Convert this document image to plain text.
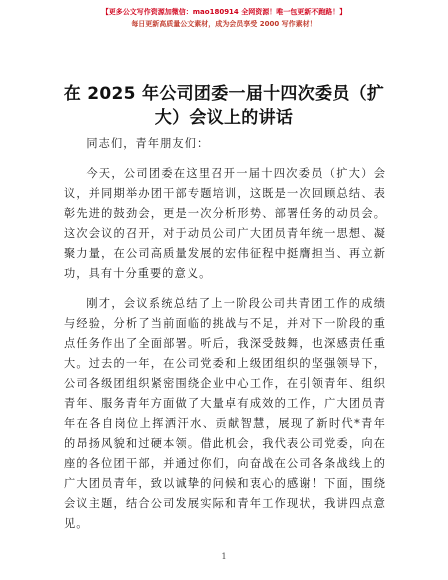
【更多公文写作资源加微信：mao180914 全网资源！唯一包更新不跑路！】
每日更新高质量公文素材，成为会员享受 2000 写作素材！
在 2025 年公司团委一届十四次委员（扩大）会议上的讲话

同志们，青年朋友们：

今天，公司团委在这里召开一届十四次委员（扩大）会议，并同期举办团干部专题培训，这既是一次回顾总结、表彰先进的鼓劲会，更是一次分析形势、部署任务的动员会。这次会议的召开，对于动员公司广大团员青年统一思想、凝聚力量，在公司高质量发展的宏伟征程中挺膺担当、再立新功，具有十分重要的意义。

刚才，会议系统总结了上一阶段公司共青团工作的成绩与经验，分析了当前面临的挑战与不足，并对下一阶段的重点任务作出了全面部署。听后，我深受鼓舞，也深感责任重大。过去的一年，在公司党委和上级团组织的坚强领导下，公司各级团组织紧密围绕企业中心工作，在引领青年、组织青年、服务青年方面做了大量卓有成效的工作，广大团员青年在各自岗位上挥洒汗水、贡献智慧，展现了新时代*青年的昂扬风貌和过硬本领。借此机会，我代表公司党委，向在座的各位团干部，并通过你们，向奋战在公司各条战线上的广大团员青年，致以诚挚的问候和衷心的感谢！下面，围绕会议主题，结合公司发展实际和青年工作现状，我讲四点意见。

1
